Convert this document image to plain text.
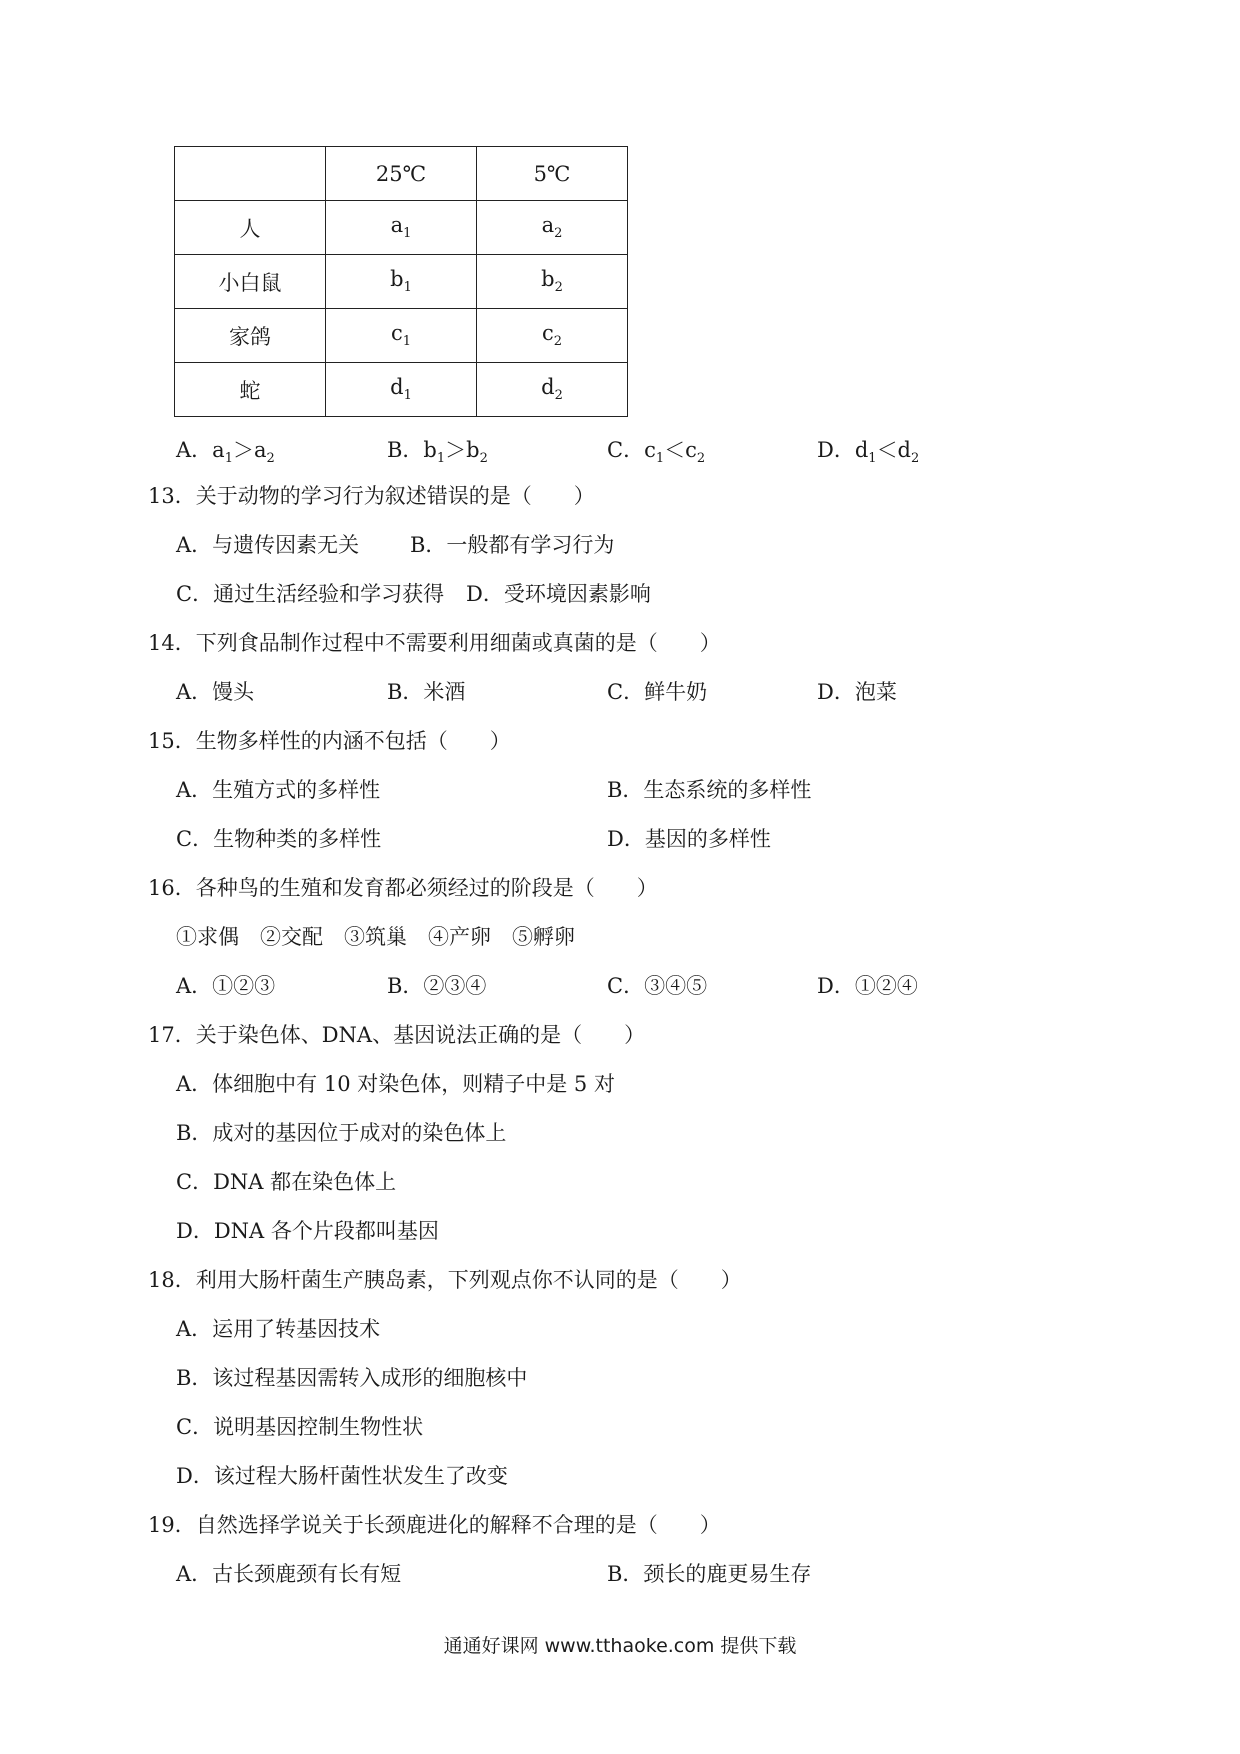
	25℃	5℃
人	$a_1$	$a_2$
小白鼠	$b_1$	$b_2$
家鸽	$c_1$	$c_2$
蛇	$d_1$	$d_2$
A．$a_1>a_2$	B．$b_1>b_2$	C．$c_1<c_2$	D．$d_1<d_2$
13．关于动物的学习行为叙述错误的是（　　）
A．与遗传因素无关 B．一般都有学习行为
C．通过生活经验和学习获得 D．受环境因素影响
14．下列食品制作过程中不需要利用细菌或真菌的是（　　）
A．馒头	B．米酒	C．鲜牛奶	D．泡菜
15．生物多样性的内涵不包括（　　）
A．生殖方式的多样性	B．生态系统的多样性
C．生物种类的多样性	D．基因的多样性
16．各种鸟的生殖和发育都必须经过的阶段是（　　）
①求偶　②交配　③筑巢　④产卵　⑤孵卵
A．①②③	B．②③④	C．③④⑤	D．①②④
17．关于染色体、DNA、基因说法正确的是（　　）
A．体细胞中有 10 对染色体，则精子中是 5 对
B．成对的基因位于成对的染色体上
C．DNA 都在染色体上
D．DNA 各个片段都叫基因
18．利用大肠杆菌生产胰岛素，下列观点你不认同的是（　　）
A．运用了转基因技术
B．该过程基因需转入成形的细胞核中
C．说明基因控制生物性状
D．该过程大肠杆菌性状发生了改变
19．自然选择学说关于长颈鹿进化的解释不合理的是（　　）
A．古长颈鹿颈有长有短	B．颈长的鹿更易生存
通通好课网 www.tthaoke.com 提供下载
